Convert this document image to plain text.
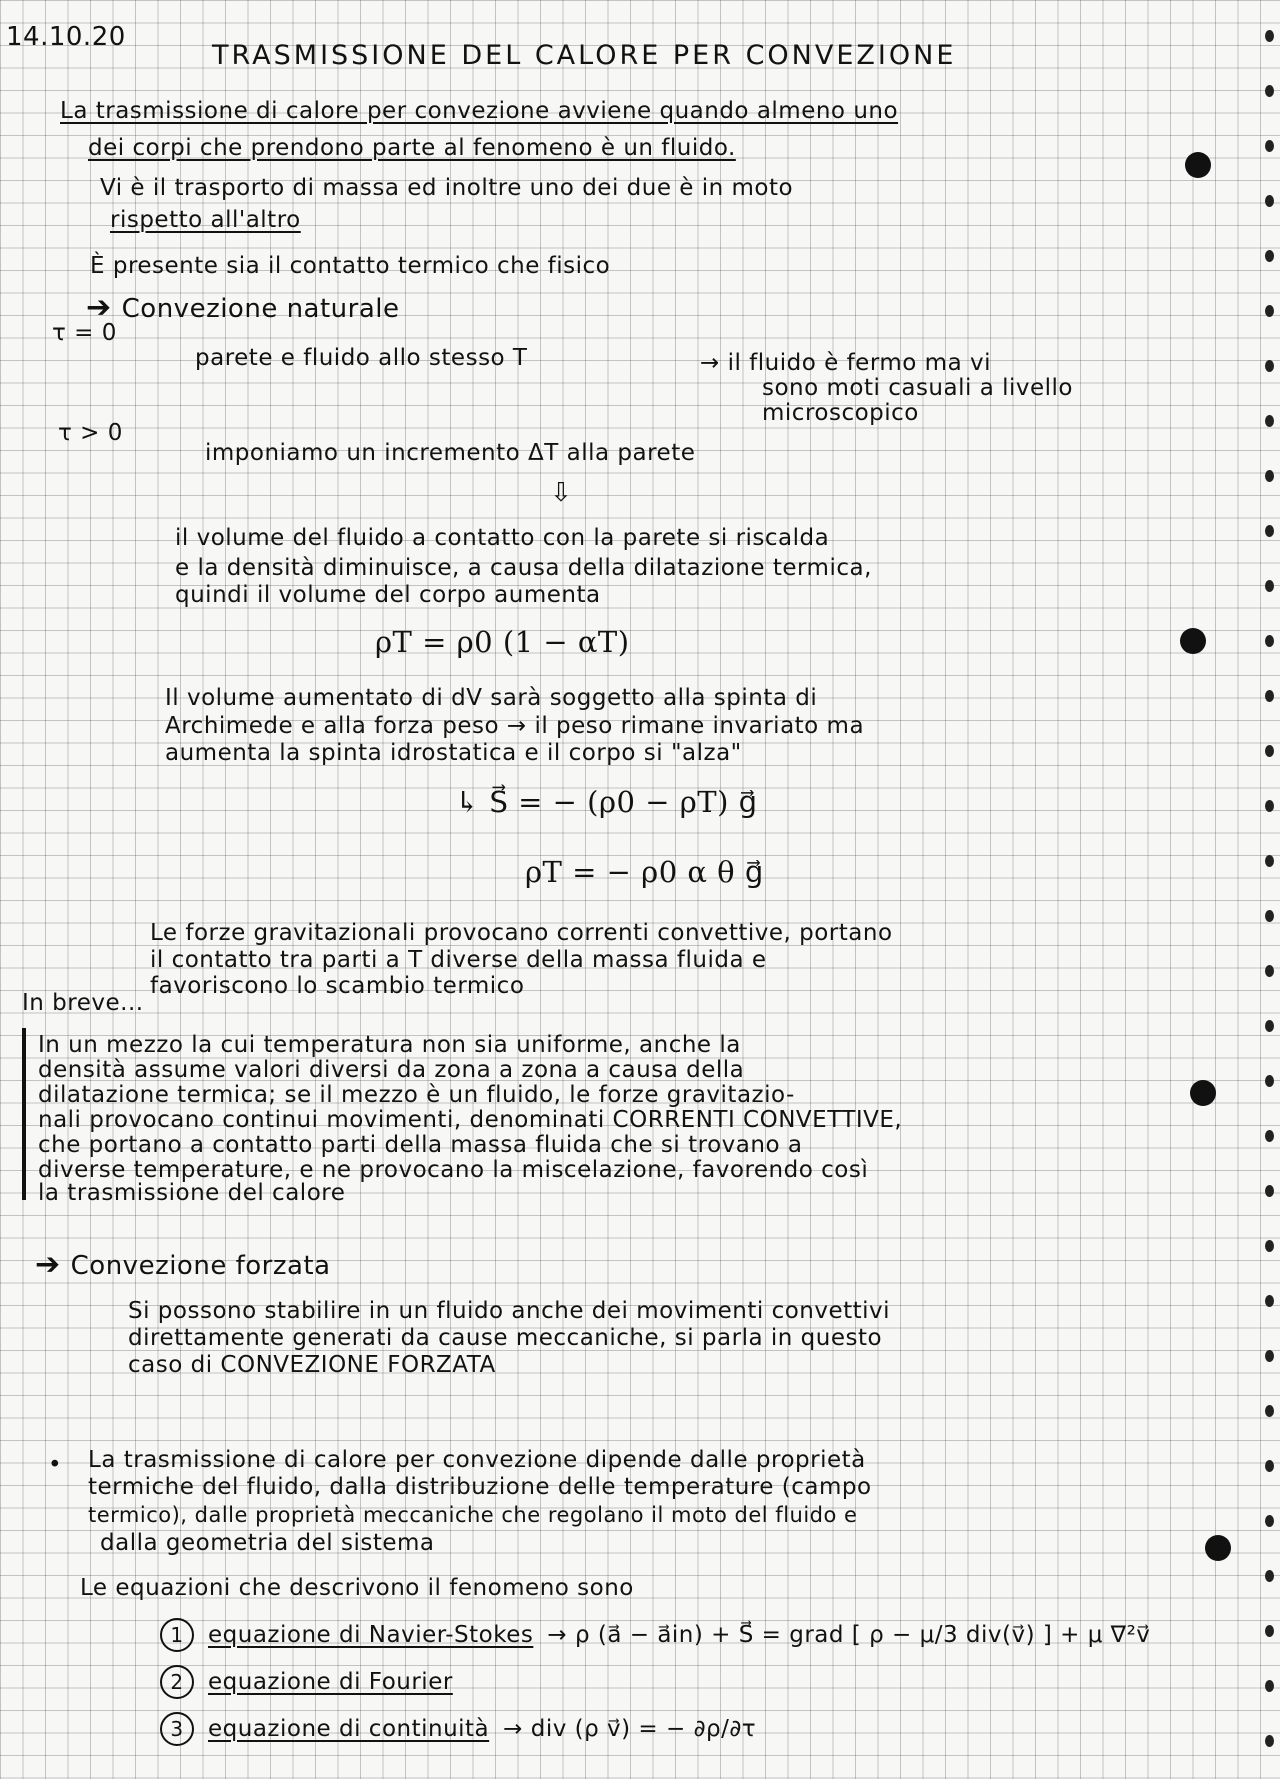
14.10.20
TRASMISSIONE DEL CALORE PER CONVEZIONE
La trasmissione di calore per convezione avviene quando almeno uno
dei corpi che prendono parte al fenomeno è un fluido.
Vi è il trasporto di massa ed inoltre uno dei due è in moto
rispetto all'altro
È presente sia il contatto termico che fisico
➔ Convezione naturale
τ = 0
parete e fluido allo stesso T	→ il fluido è fermo ma vi
sono moti casuali a livello
microscopico
τ > 0
imponiamo un incremento ΔT alla parete
⇩
il volume del fluido a contatto con la parete si riscalda
e la densità diminuisce, a causa della dilatazione termica,
quindi il volume del corpo aumenta
ρT = ρ0 (1 − αT)
Il volume aumentato di dV sarà soggetto alla spinta di
Archimede e alla forza peso → il peso rimane invariato ma
aumenta la spinta idrostatica e il corpo si "alza"
↳ S⃗ = − (ρ0 − ρT) g⃗
ρT = − ρ0 α θ g⃗
Le forze gravitazionali provocano correnti convettive, portano
il contatto tra parti a T diverse della massa fluida e
favoriscono lo scambio termico
In breve...
In un mezzo la cui temperatura non sia uniforme, anche la
densità assume valori diversi da zona a zona a causa della
dilatazione termica; se il mezzo è un fluido, le forze gravitazio-
nali provocano continui movimenti, denominati CORRENTI CONVETTIVE,
che portano a contatto parti della massa fluida che si trovano a
diverse temperature, e ne provocano la miscelazione, favorendo così
la trasmissione del calore
➔ Convezione forzata
Si possono stabilire in un fluido anche dei movimenti convettivi
direttamente generati da cause meccaniche, si parla in questo
caso di CONVEZIONE FORZATA
• La trasmissione di calore per convezione dipende dalle proprietà
termiche del fluido, dalla distribuzione delle temperature (campo
termico), dalle proprietà meccaniche che regolano il moto del fluido e
dalla geometria del sistema
Le equazioni che descrivono il fenomeno sono
1 equazione di Navier-Stokes → ρ (a⃗ − a⃗in) + S⃗ = grad [ ρ − μ/3 div(v⃗) ] + μ ∇²v⃗
2 equazione di Fourier
3 equazione di continuità → div (ρ v⃗) = − ∂ρ/∂τ
